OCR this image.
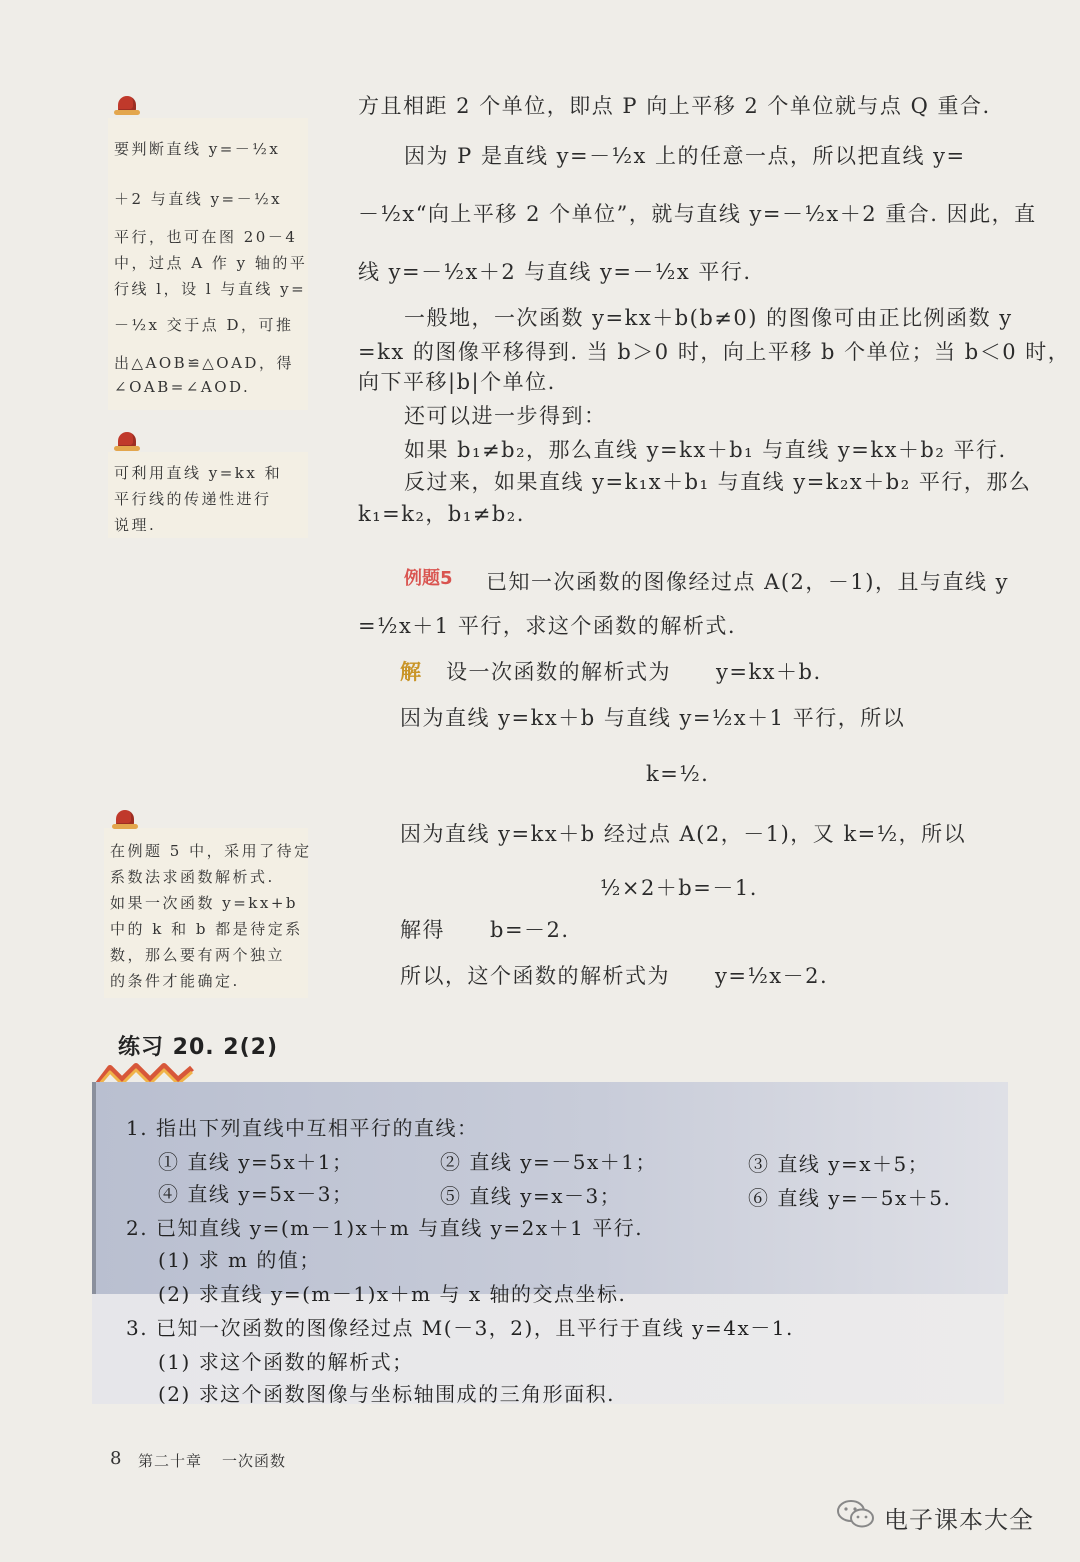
要判断直线 y=－½x
＋2 与直线 y=－½x
平行，也可在图 20－4
中，过点 A 作 y 轴的平
行线 l，设 l 与直线 y=
－½x 交于点 D，可推
出△AOB≌△OAD，得
∠OAB=∠AOD.
可利用直线 y=kx 和
平行线的传递性进行
说理.
在例题 5 中，采用了待定
系数法求函数解析式.
如果一次函数 y=kx+b
中的 k 和 b 都是待定系
数，那么要有两个独立
的条件才能确定.
方且相距 2 个单位，即点 P 向上平移 2 个单位就与点 Q 重合.
因为 P 是直线 y=－½x 上的任意一点，所以把直线 y=
－½x“向上平移 2 个单位”，就与直线 y=－½x＋2 重合. 因此，直
线 y=－½x＋2 与直线 y=－½x 平行.
一般地，一次函数 y=kx＋b(b≠0) 的图像可由正比例函数 y
=kx 的图像平移得到. 当 b＞0 时，向上平移 b 个单位；当 b＜0 时，
向下平移|b|个单位.
还可以进一步得到：
如果 b₁≠b₂，那么直线 y=kx＋b₁ 与直线 y=kx＋b₂ 平行.
反过来，如果直线 y=k₁x＋b₁ 与直线 y=k₂x＋b₂ 平行，那么
k₁=k₂，b₁≠b₂.
例题5 已知一次函数的图像经过点 A(2，－1)，且与直线 y
=½x＋1 平行，求这个函数的解析式.
解 设一次函数的解析式为　　y=kx＋b.
因为直线 y=kx＋b 与直线 y=½x＋1 平行，所以
k=½.
因为直线 y=kx＋b 经过点 A(2，－1)，又 k=½，所以
½×2＋b=－1.
解得　　b=－2.
所以，这个函数的解析式为　　y=½x－2.
练习 20. 2(2)
1. 指出下列直线中互相平行的直线：
① 直线 y=5x＋1；	② 直线 y=－5x＋1；	③ 直线 y=x＋5；
④ 直线 y=5x－3；	⑤ 直线 y=x－3；	⑥ 直线 y=－5x＋5.
2. 已知直线 y=(m－1)x＋m 与直线 y=2x＋1 平行.
(1) 求 m 的值；
(2) 求直线 y=(m－1)x＋m 与 x 轴的交点坐标.
3. 已知一次函数的图像经过点 M(－3，2)，且平行于直线 y=4x－1.
(1) 求这个函数的解析式；
(2) 求这个函数图像与坐标轴围成的三角形面积.
8 第二十章 一次函数
电子课本大全
